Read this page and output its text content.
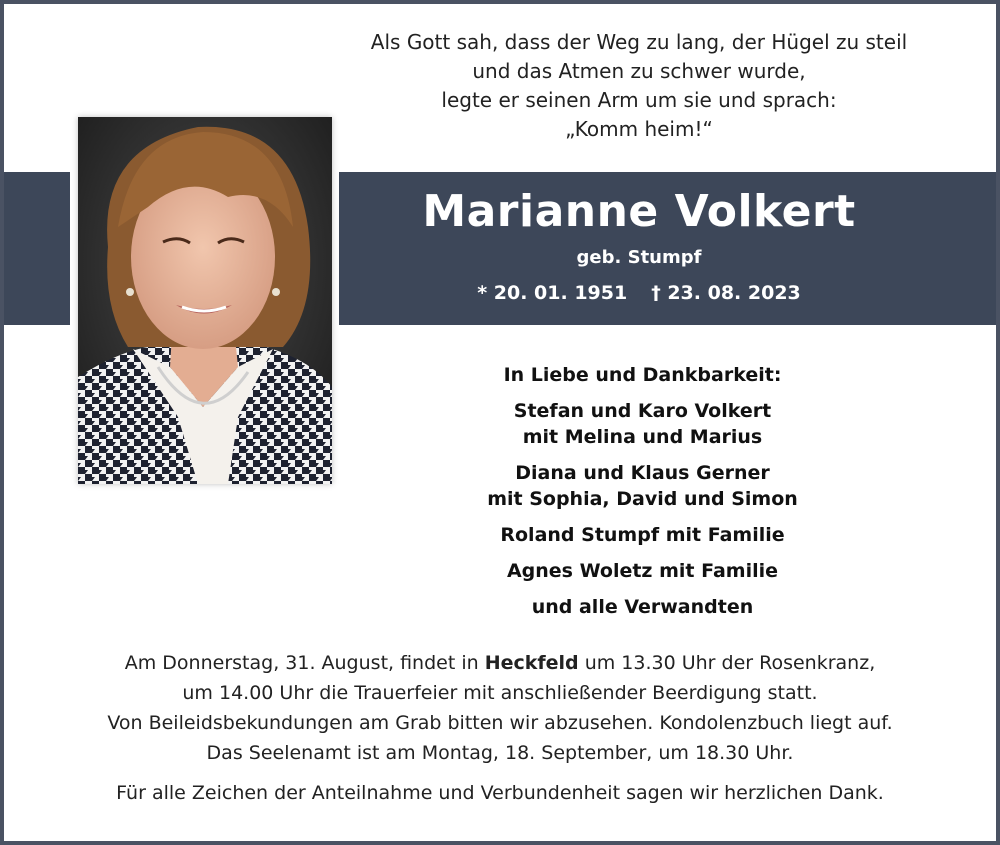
Als Gott sah, dass der Weg zu lang, der Hügel zu steil
und das Atmen zu schwer wurde,
legte er seinen Arm um sie und sprach:
„Komm heim!“
Marianne Volkert
geb. Stumpf
* 20. 01. 1951 † 23. 08. 2023
In Liebe und Dankbarkeit:
Stefan und Karo Volkert
mit Melina und Marius
Diana und Klaus Gerner
mit Sophia, David und Simon
Roland Stumpf mit Familie
Agnes Woletz mit Familie
und alle Verwandten
Am Donnerstag, 31. August, findet in Heckfeld um 13.30 Uhr der Rosenkranz,
um 14.00 Uhr die Trauerfeier mit anschließender Beerdigung statt.
Von Beileidsbekundungen am Grab bitten wir abzusehen. Kondolenzbuch liegt auf.
Das Seelenamt ist am Montag, 18. September, um 18.30 Uhr.
Für alle Zeichen der Anteilnahme und Verbundenheit sagen wir herzlichen Dank.
